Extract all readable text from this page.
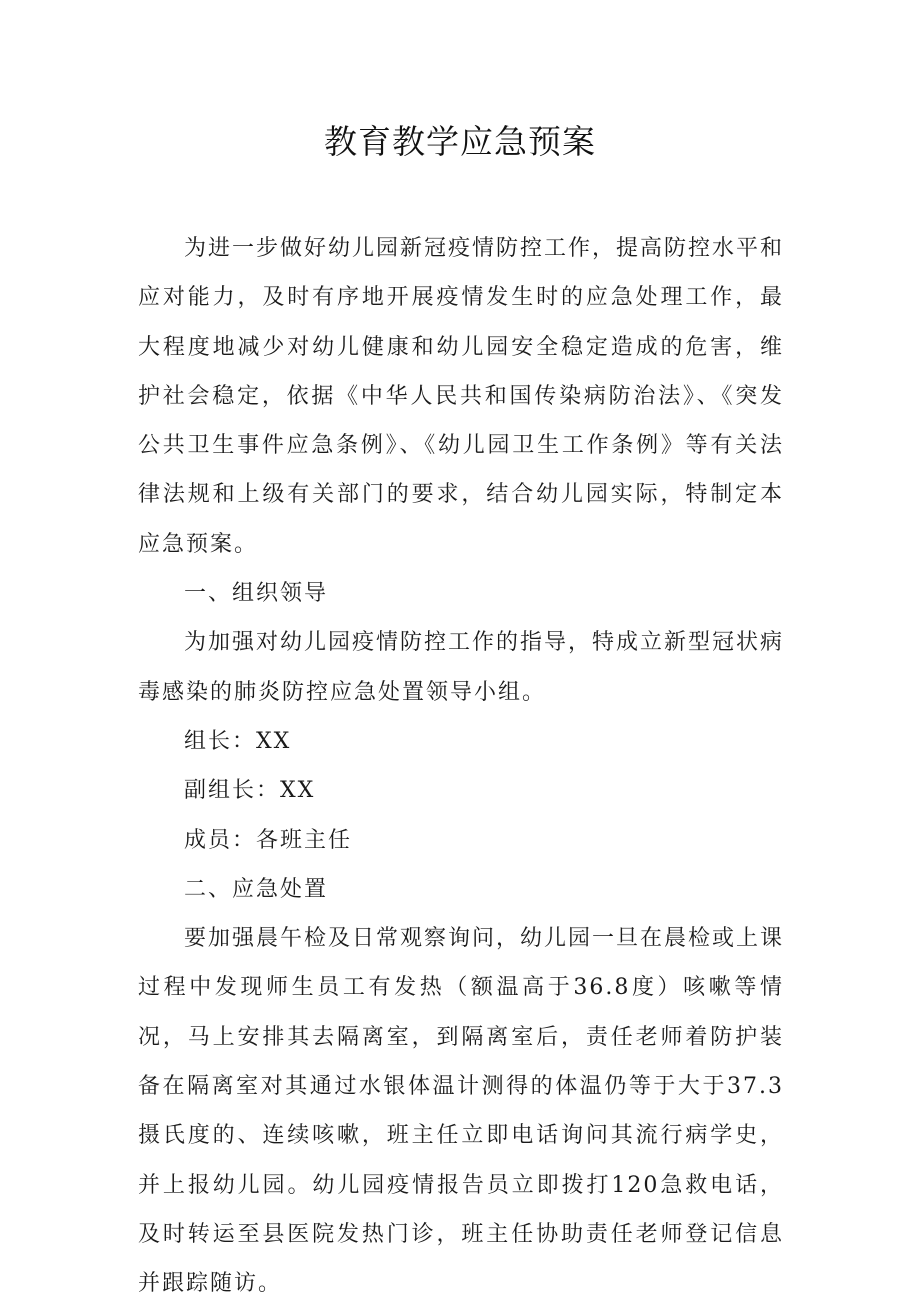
教育教学应急预案

为进一步做好幼儿园新冠疫情防控工作，提高防控水平和应对能力，及时有序地开展疫情发生时的应急处理工作，最大程度地减少对幼儿健康和幼儿园安全稳定造成的危害，维护社会稳定，依据《中华人民共和国传染病防治法》、《突发公共卫生事件应急条例》、《幼儿园卫生工作条例》等有关法律法规和上级有关部门的要求，结合幼儿园实际，特制定本应急预案。

一、组织领导

为加强对幼儿园疫情防控工作的指导，特成立新型冠状病毒感染的肺炎防控应急处置领导小组。

组长：XX

副组长：XX

成员：各班主任

二、应急处置

要加强晨午检及日常观察询问，幼儿园一旦在晨检或上课过程中发现师生员工有发热（额温高于36.8度）咳嗽等情况，马上安排其去隔离室，到隔离室后，责任老师着防护装备在隔离室对其通过水银体温计测得的体温仍等于大于37.3摄氏度的、连续咳嗽，班主任立即电话询问其流行病学史，并上报幼儿园。幼儿园疫情报告员立即拨打120急救电话，及时转运至县医院发热门诊，班主任协助责任老师登记信息并跟踪随访。
